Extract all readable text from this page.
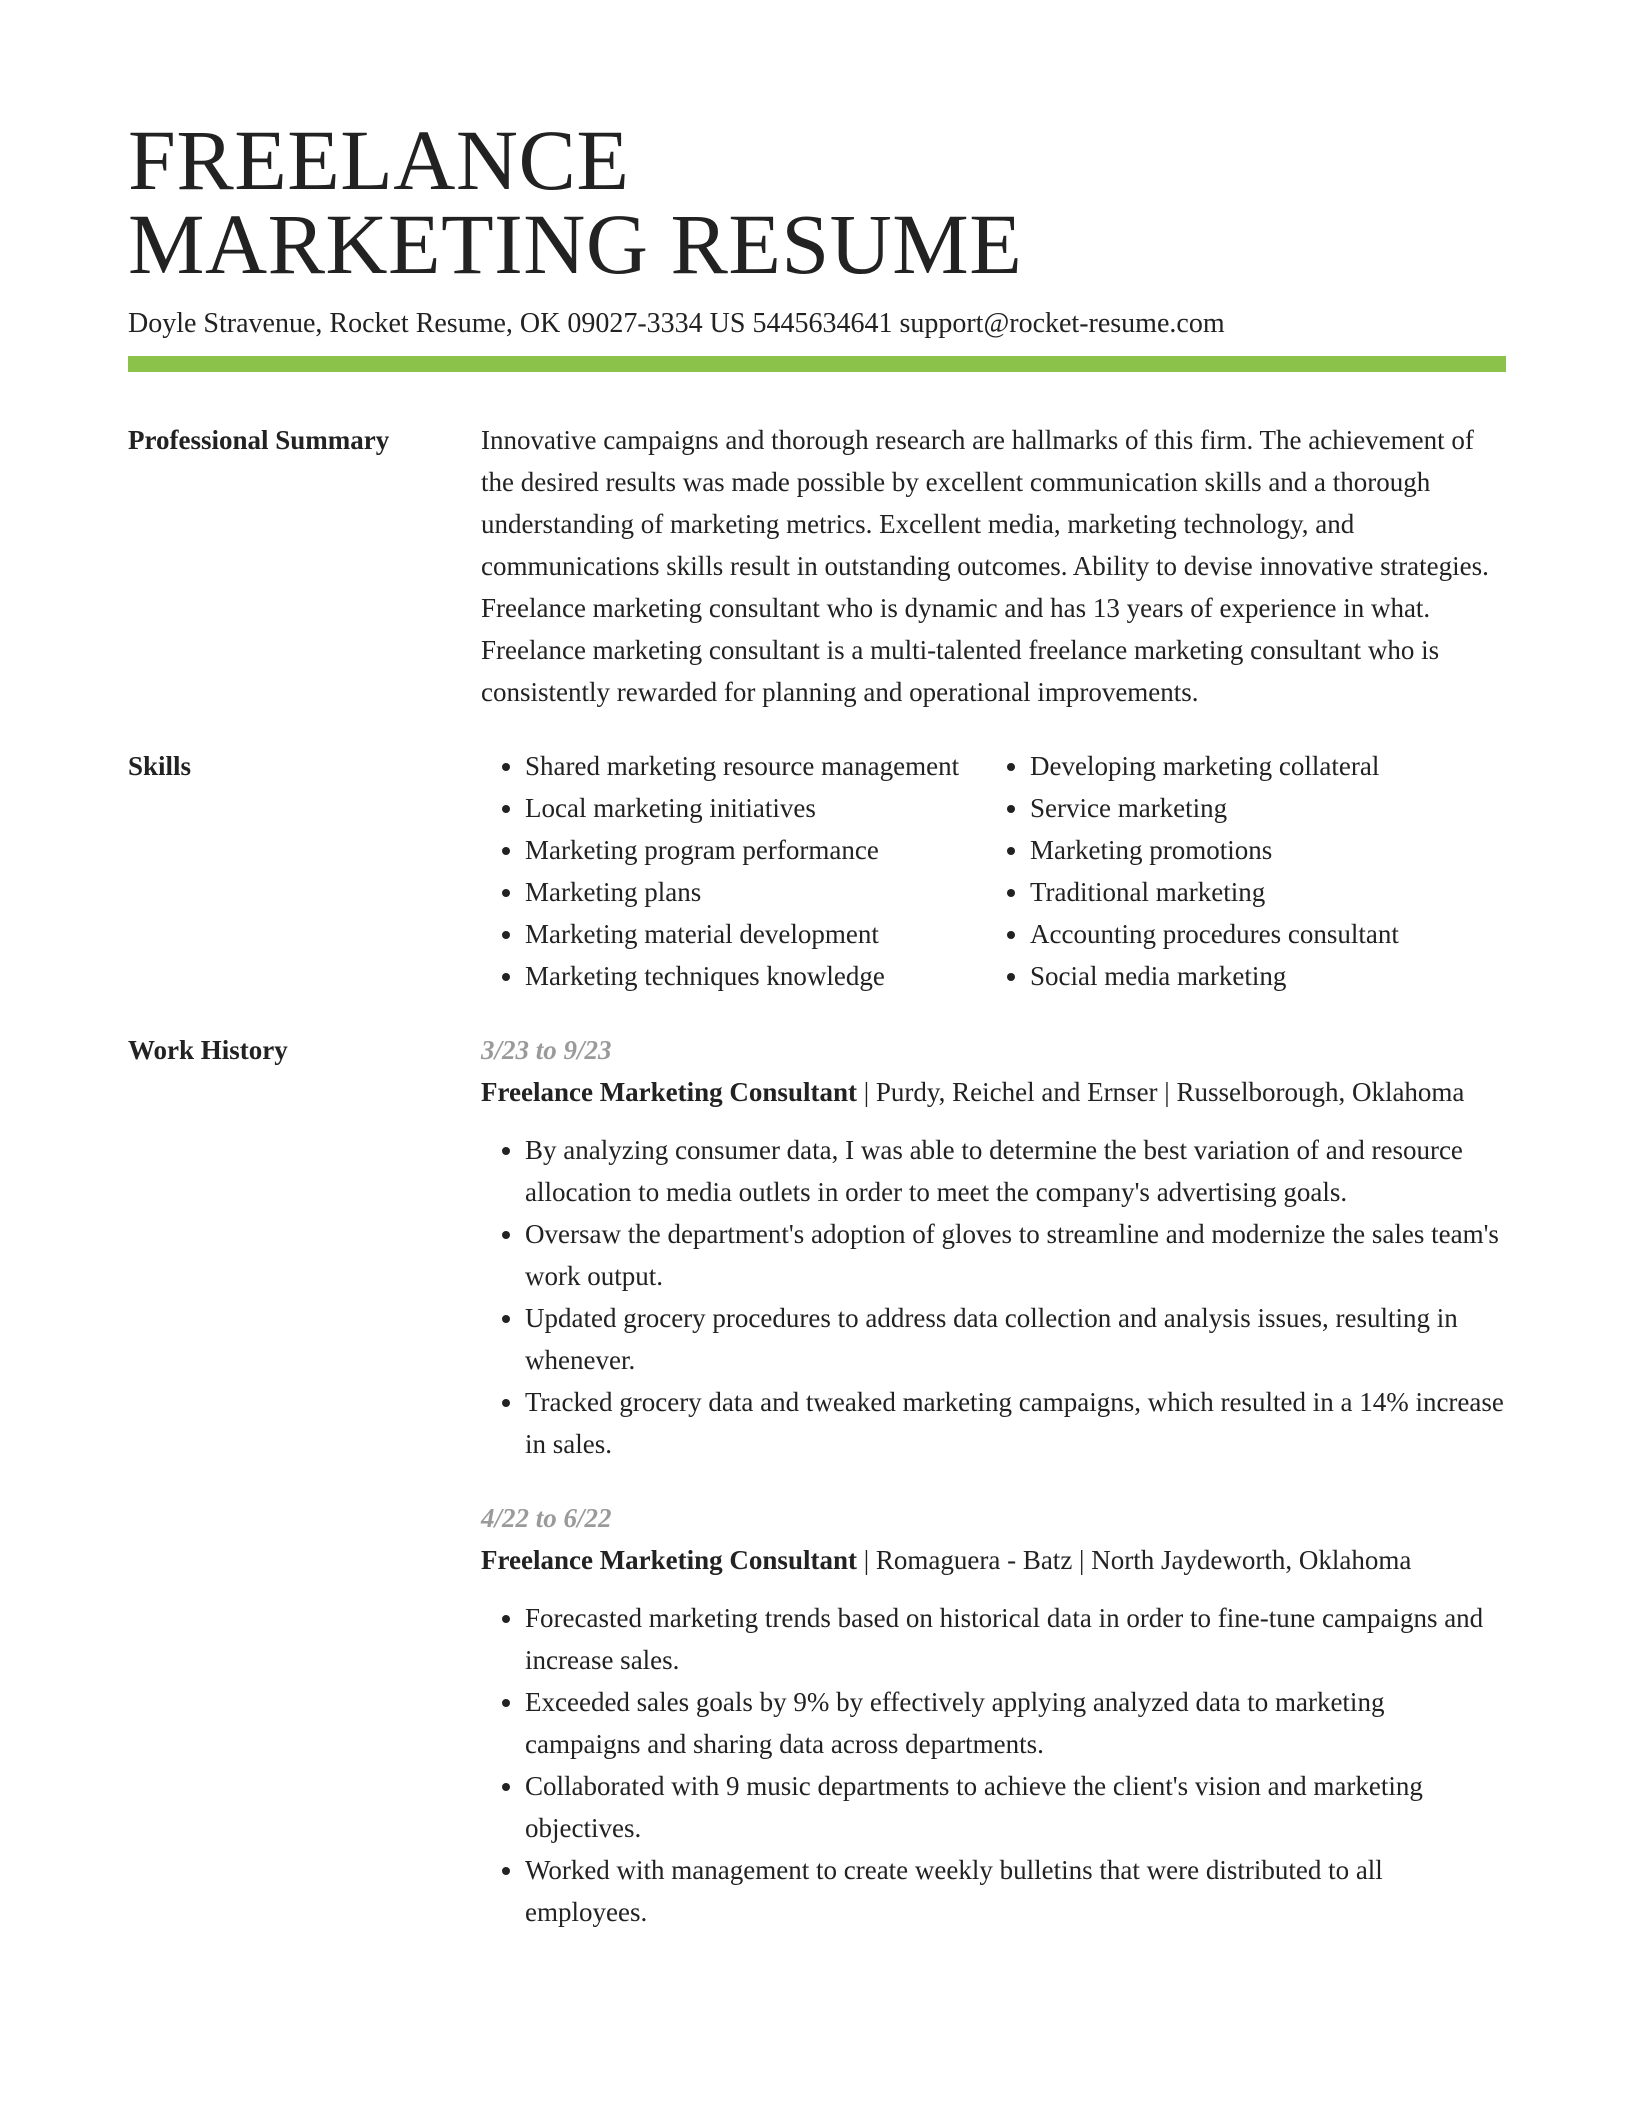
FREELANCE
MARKETING RESUME
Doyle Stravenue, Rocket Resume, OK 09027-3334 US 5445634641 support@rocket-resume.com
Professional Summary	Innovative campaigns and thorough research are hallmarks of this firm. The achievement of the desired results was made possible by excellent communication skills and a thorough understanding of marketing metrics. Excellent media, marketing technology, and communications skills result in outstanding outcomes. Ability to devise innovative strategies. Freelance marketing consultant who is dynamic and has 13 years of experience in what. Freelance marketing consultant is a multi-talented freelance marketing consultant who is consistently rewarded for planning and operational improvements.

Skills
•	Shared marketing resource management
• Local marketing initiatives
• Marketing program performance
• Marketing plans
• Marketing material development
• Marketing techniques knowledge
• Developing marketing collateral
• Service marketing
• Marketing promotions
• Traditional marketing
• Accounting procedures consultant
• Social media marketing
Work History	3/23 to 9/23

Freelance Marketing Consultant | Purdy, Reichel and Ernser | Russelborough, Oklahoma

• By analyzing consumer data, I was able to determine the best variation of and resource allocation to media outlets in order to meet the company's advertising goals.
• Oversaw the department's adoption of gloves to streamline and modernize the sales team's work output.
• Updated grocery procedures to address data collection and analysis issues, resulting in whenever.
• Tracked grocery data and tweaked marketing campaigns, which resulted in a 14% increase in sales.
4/22 to 6/22

Freelance Marketing Consultant | Romaguera - Batz | North Jaydeworth, Oklahoma

• Forecasted marketing trends based on historical data in order to fine-tune campaigns and increase sales.
• Exceeded sales goals by 9% by effectively applying analyzed data to marketing campaigns and sharing data across departments.
• Collaborated with 9 music departments to achieve the client's vision and marketing objectives.
• Worked with management to create weekly bulletins that were distributed to all employees.
